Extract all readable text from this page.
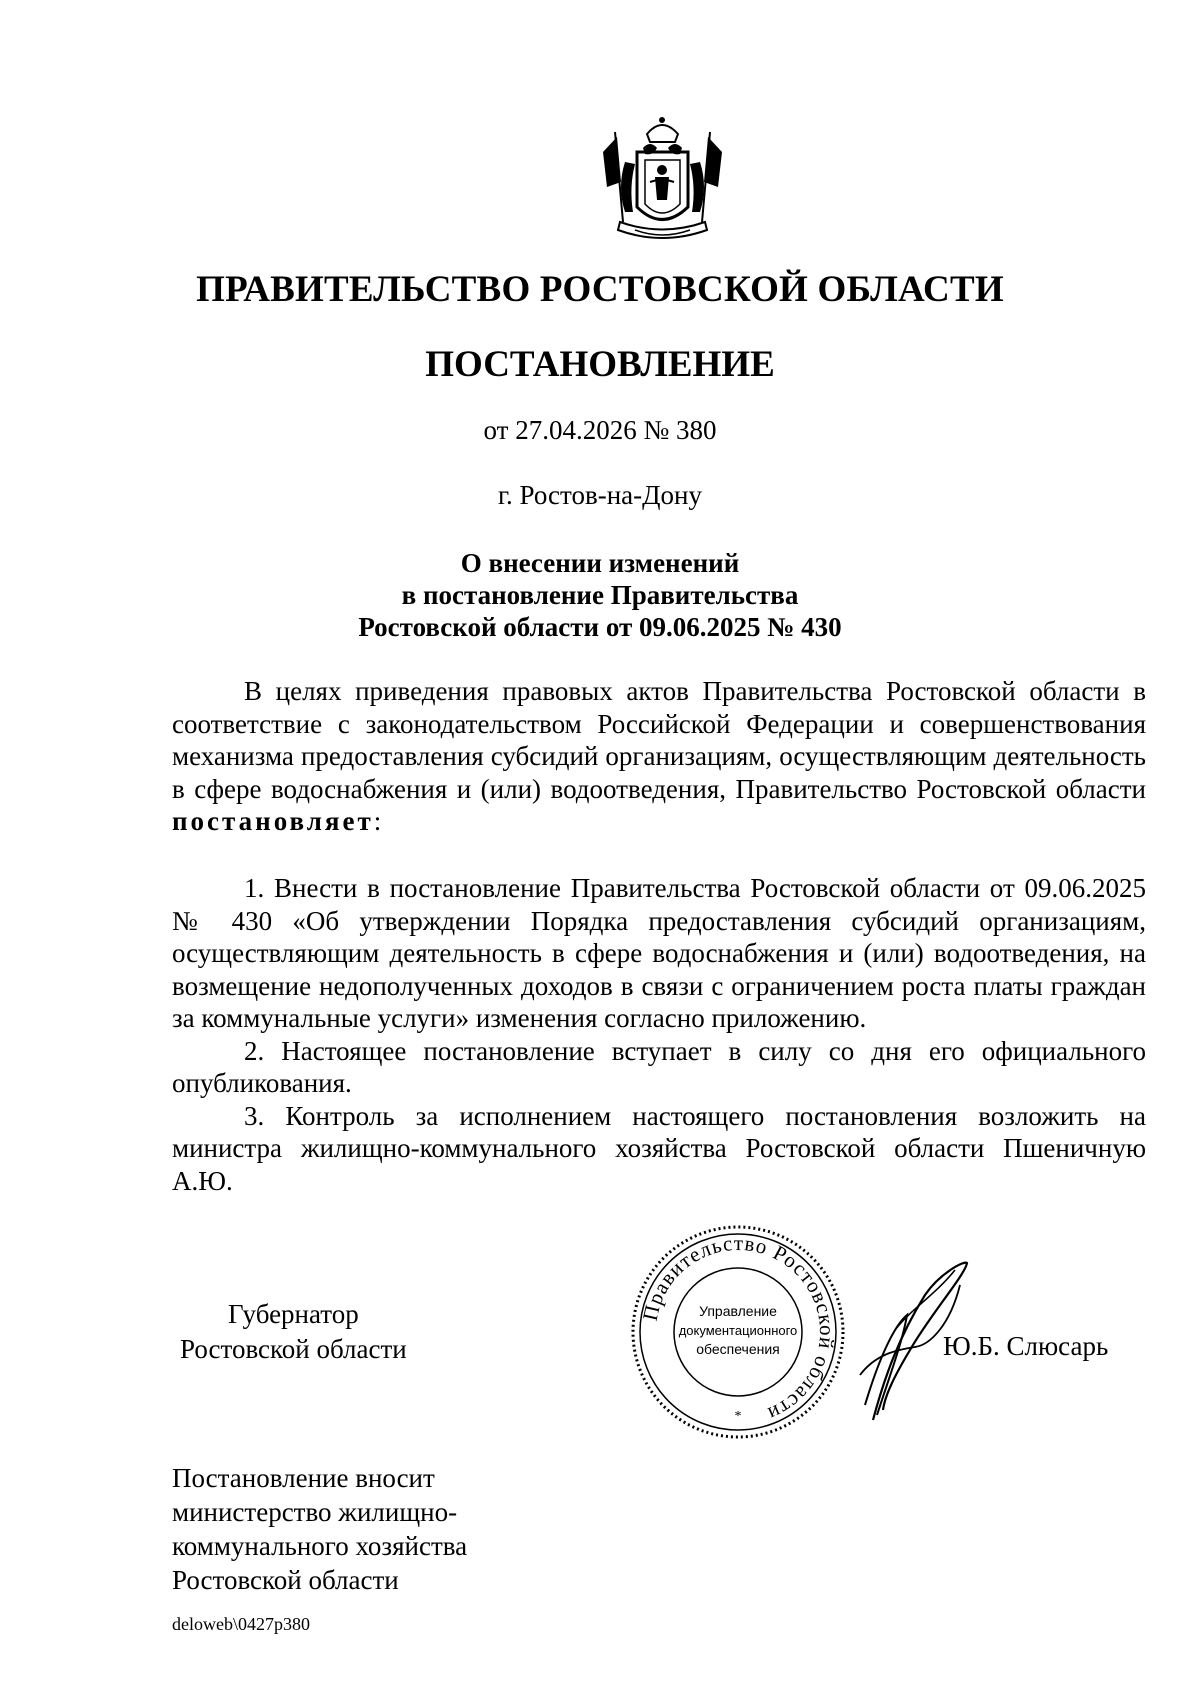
ПРАВИТЕЛЬСТВО РОСТОВСКОЙ ОБЛАСТИ
ПОСТАНОВЛЕНИЕ
от 27.04.2026 № 380
г. Ростов-на-Дону
О внесении изменений
в постановление Правительства
Ростовской области от 09.06.2025 № 430
В целях приведения правовых актов Правительства Ростовской области в соответствие с законодательством Российской Федерации и совершенствования механизма предоставления субсидий организациям, осуществляющим деятельность в сфере водоснабжения и (или) водоотведения, Правительство Ростовской области постановляет:

1. Внести в постановление Правительства Ростовской области от 09.06.2025 № 430 «Об утверждении Порядка предоставления субсидий организациям, осуществляющим деятельность в сфере водоснабжения и (или) водоотведения, на возмещение недополученных доходов в связи с ограничением роста платы граждан за коммунальные услуги» изменения согласно приложению.

2. Настоящее постановление вступает в силу со дня его официального опубликования.

3. Контроль за исполнением настоящего постановления возложить на министра жилищно-коммунального хозяйства Ростовской области Пшеничную А.Ю.

Губернатор
Ростовской области
Правительство Ростовской области
Управление
документационного
обеспечения
*
Ю.Б. Слюсарь
Постановление вносит
министерство жилищно-
коммунального хозяйства
Ростовской области
deloweb\0427p380
